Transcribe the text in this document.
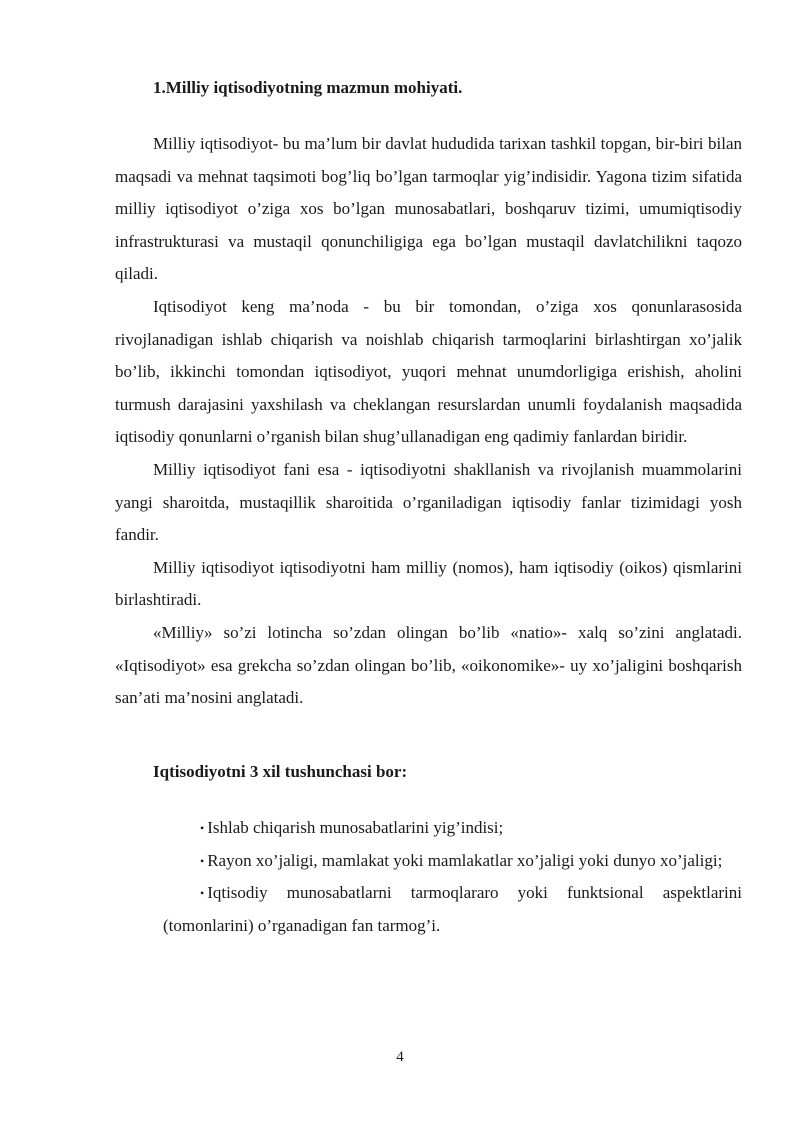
1.Milliy iqtisodiyotning mazmun mohiyati.

Milliy iqtisodiyot- bu ma’lum bir davlat hududida tarixan tashkil topgan, bir-biri bilan maqsadi va mehnat taqsimoti bog’liq bo’lgan tarmoqlar yig’indisidir. Yagona tizim sifatida milliy iqtisodiyot o’ziga xos bo’lgan munosabatlari, boshqaruv tizimi, umumiqtisodiy infrastrukturasi va mustaqil qonunchiligiga ega bo’lgan mustaqil davlatchilikni taqozo qiladi.

Iqtisodiyot keng ma’noda - bu bir tomondan, o’ziga xos qonunlarasosida rivojlanadigan ishlab chiqarish va noishlab chiqarish tarmoqlarini birlashtirgan xo’jalik bo’lib, ikkinchi tomondan iqtisodiyot, yuqori mehnat unumdorligiga erishish, aholini turmush darajasini yaxshilash va cheklangan resurslardan unumli foydalanish maqsadida iqtisodiy qonunlarni o’rganish bilan shug’ullanadigan eng qadimiy fanlardan biridir.

Milliy iqtisodiyot fani esa - iqtisodiyotni shakllanish va rivojlanish muammolarini yangi sharoitda, mustaqillik sharoitida o’rganiladigan iqtisodiy fanlar tizimidagi yosh fandir.

Milliy iqtisodiyot iqtisodiyotni ham milliy (nomos), ham iqtisodiy (oikos) qismlarini birlashtiradi.

«Milliy» so’zi lotincha so’zdan olingan bo’lib «natio»- xalq so’zini anglatadi. «Iqtisodiyot» esa grekcha so’zdan olingan bo’lib, «oikonomike»- uy xo’jaligini boshqarish san’ati ma’nosini anglatadi.

Iqtisodiyotni 3 xil tushunchasi bor:
• Ishlab chiqarish munosabatlarini yig’indisi;
• Rayon xo’jaligi, mamlakat yoki mamlakatlar xo’jaligi yoki dunyo xo’jaligi;
• Iqtisodiy munosabatlarni tarmoqlararo yoki funktsional aspektlarini (tomonlarini) o’rganadigan fan tarmog’i.
4
